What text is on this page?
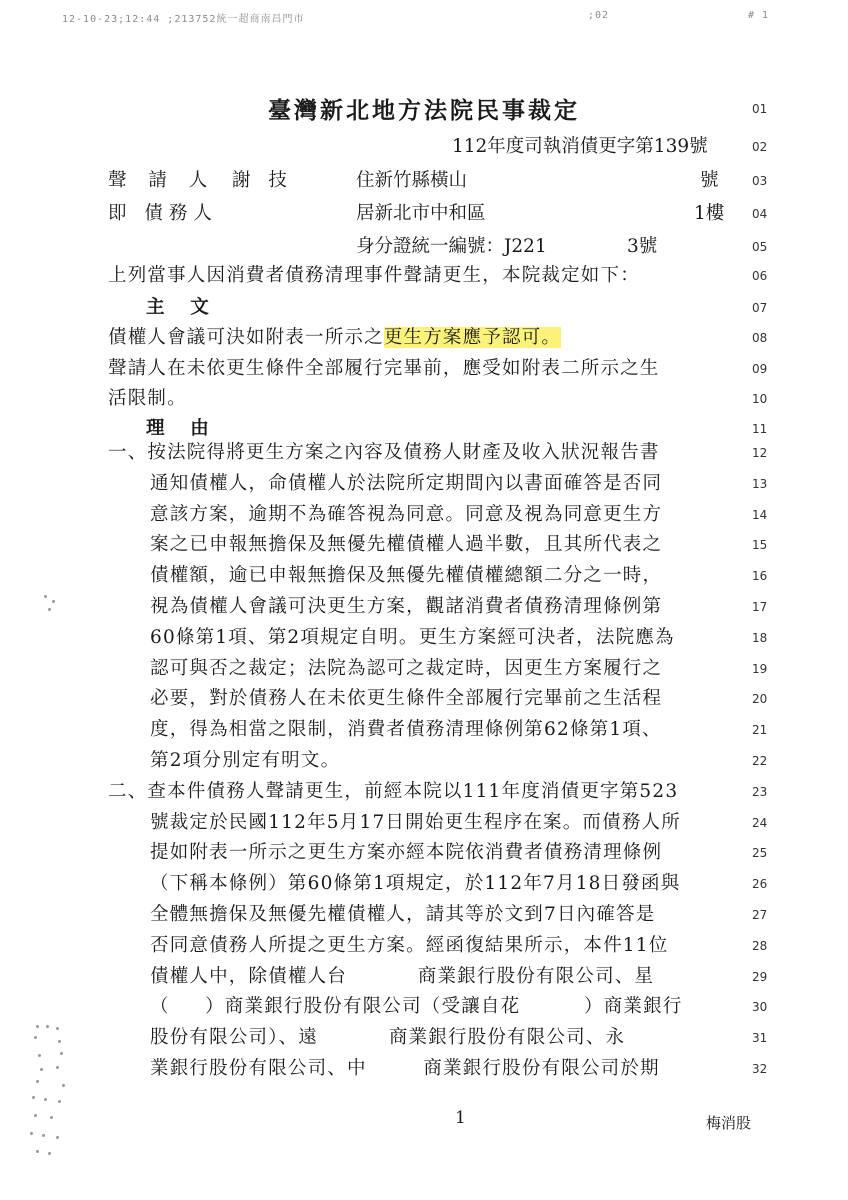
12-10-23;12:44 ;213752統一超商南昌門市	;02	# 1
臺灣新北地方法院民事裁定
112年度司執消債更字第139號
聲 請 人 謝 技	住新竹縣橫山	號
即 債務人	居新北市中和區	1樓
身分證統一編號：J221	3號
上列當事人因消費者債務清理事件聲請更生，本院裁定如下：
主    文
債權人會議可決如附表一所示之更生方案應予認可。
聲請人在未依更生條件全部履行完畢前，應受如附表二所示之生
活限制。
理    由
一、按法院得將更生方案之內容及債務人財產及收入狀況報告書
通知債權人，命債權人於法院所定期間內以書面確答是否同
意該方案，逾期不為確答視為同意。同意及視為同意更生方
案之已申報無擔保及無優先權債權人過半數，且其所代表之
債權額，逾已申報無擔保及無優先權債權總額二分之一時，
視為債權人會議可決更生方案，觀諸消費者債務清理條例第
60條第1項、第2項規定自明。更生方案經可決者，法院應為
認可與否之裁定；法院為認可之裁定時，因更生方案履行之
必要，對於債務人在未依更生條件全部履行完畢前之生活程
度，得為相當之限制，消費者債務清理條例第62條第1項、
第2項分別定有明文。
二、查本件債務人聲請更生，前經本院以111年度消債更字第523
號裁定於民國112年5月17日開始更生程序在案。而債務人所
提如附表一所示之更生方案亦經本院依消費者債務清理條例
（下稱本條例）第60條第1項規定，於112年7月18日發函與
全體無擔保及無優先權債權人，請其等於文到7日內確答是
否同意債務人所提之更生方案。經函復結果所示，本件11位
債權人中，除債權人台          商業銀行股份有限公司、星
（     ）商業銀行股份有限公司（受讓自花         ）商業銀行
股份有限公司）、遠          商業銀行股份有限公司、永
業銀行股份有限公司、中        商業銀行股份有限公司於期
01
02
03
04
05
06
07
08
09
10
11
12
13
14
15
16
17
18
19
20
21
22
23
24
25
26
27
28
29
30
31
32
1	梅消股
